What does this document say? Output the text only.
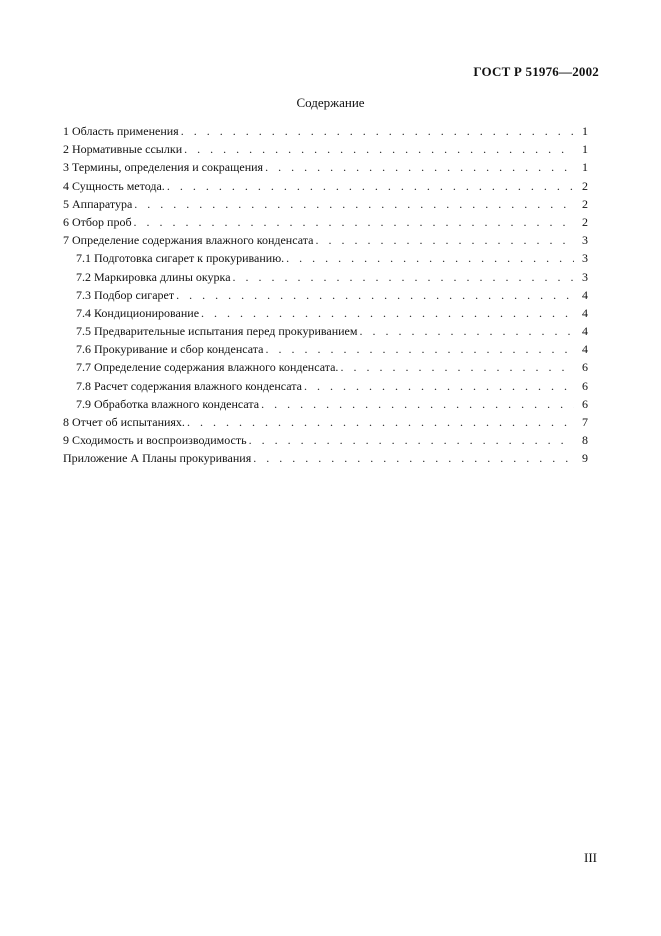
ГОСТ Р 51976—2002
Содержание
1 Область применения . . .	1
2 Нормативные ссылки . . .	1
3 Термины, определения и сокращения . . .	1
4 Сущность метода. . . .	2
5 Аппаратура . . .	2
6 Отбор проб . . .	2
7 Определение содержания влажного конденсата . . .	3
7.1 Подготовка сигарет к прокуриванию. . . .	3
7.2 Маркировка длины окурка . . .	3
7.3 Подбор сигарет . . .	4
7.4 Кондиционирование . . .	4
7.5 Предварительные испытания перед прокуриванием . . .	4
7.6 Прокуривание и сбор конденсата . . .	4
7.7 Определение содержания влажного конденсата. . . .	6
7.8 Расчет содержания влажного конденсата . . .	6
7.9 Обработка влажного конденсата . . .	6
8 Отчет об испытаниях. . . .	7
9 Сходимость и воспроизводимость . . .	8
Приложение А Планы прокуривания . . .	9
III
